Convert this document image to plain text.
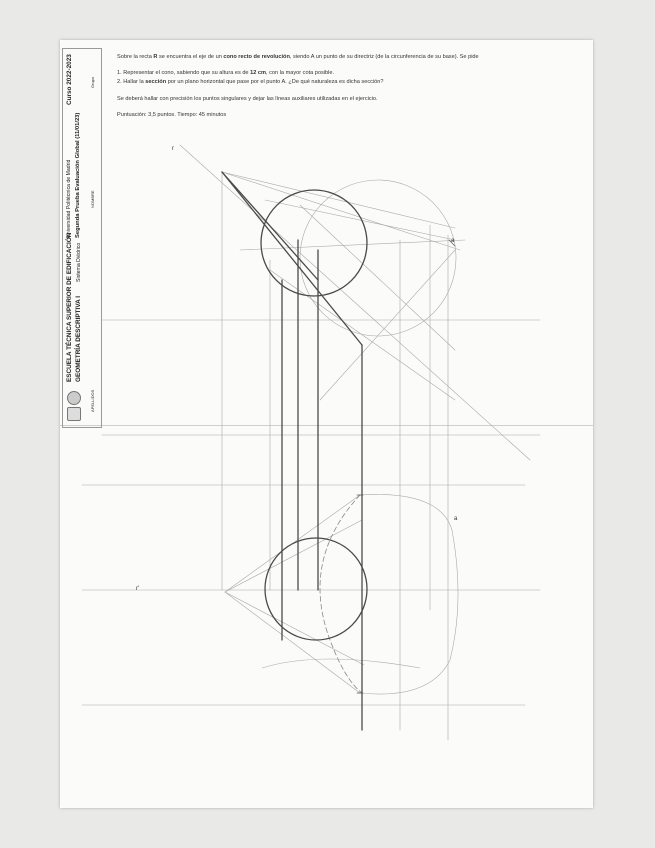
ESCUELA TÉCNICA SUPERIOR DE EDIFICACIÓN
Universidad Politécnica de Madrid
Curso 2022-2023
GEOMETRÍA DESCRIPTIVA I
Sistema Diédrico
Segunda Prueba Evaluación Global (11/01/23)
Grupo
NOMBRE
APELLIDOS
Sobre la recta R se encuentra el eje de un cono recto de revolución, siendo A un punto de su directriz (de la circunferencia de su base). Se pide
1. Representar el cono, sabiendo que su altura es de 12 cm, con la mayor cota posible.
2. Hallar la sección por un plano horizontal que pase por el punto A. ¿De qué naturaleza es dicha sección?
Se deberá hallar con precisión los puntos singulares y dejar las líneas auxiliares utilizadas en el ejercicio.
Puntuación: 3,5 puntos. Tiempo: 45 minutos
r
r'
a
a
